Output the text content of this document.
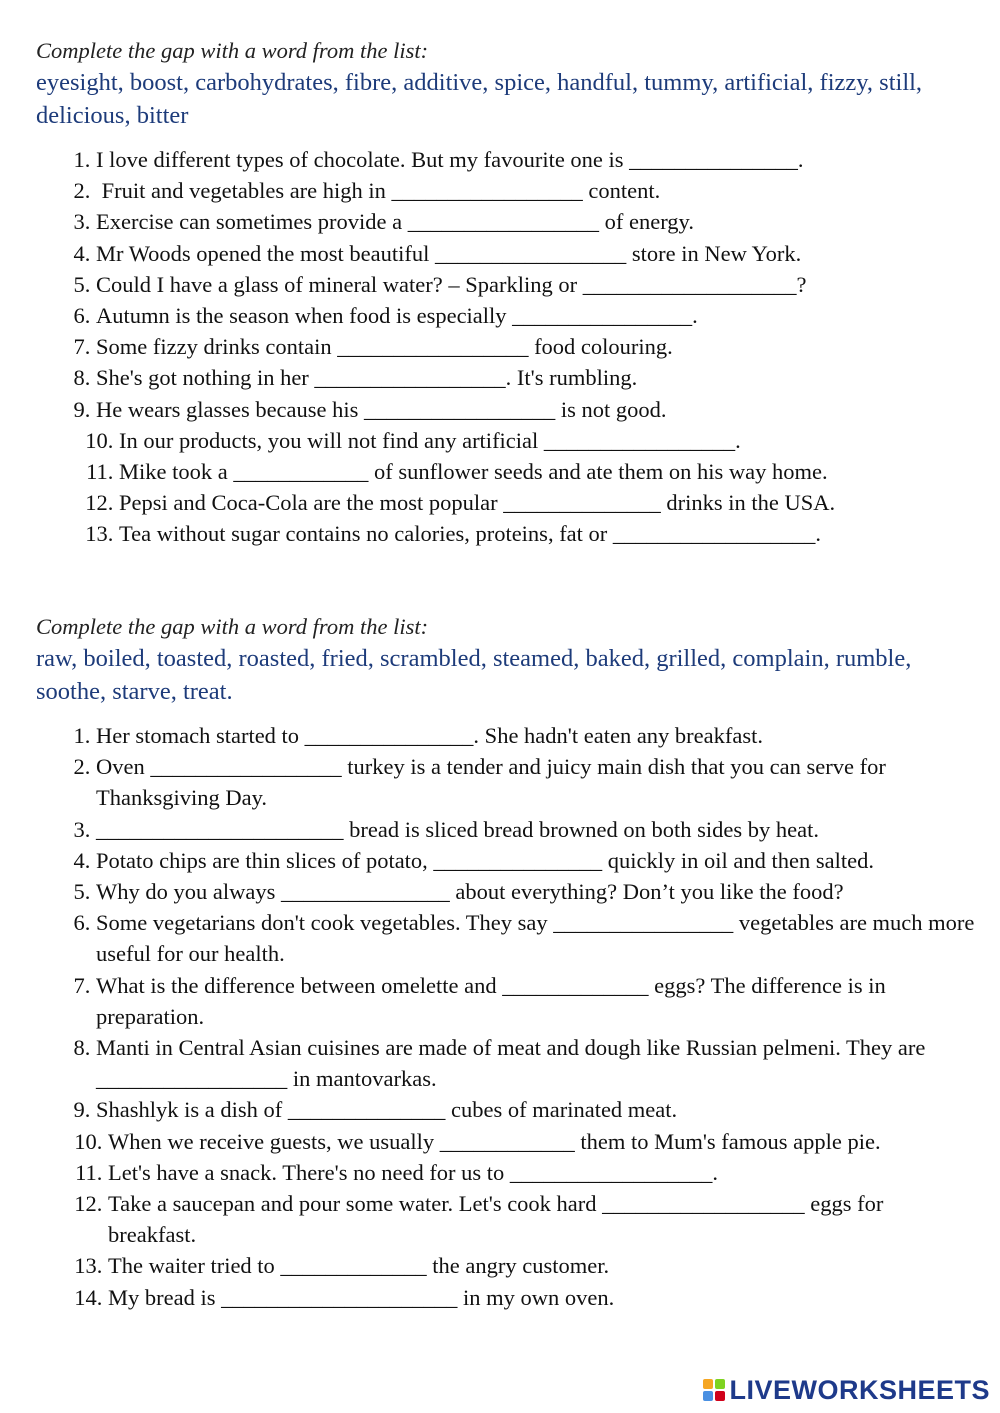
Complete the gap with a word from the list:
eyesight, boost, carbohydrates, fibre, additive, spice, handful, tummy, artificial, fizzy, still, delicious, bitter
1. I love different types of chocolate. But my favourite one is _______________.
2. Fruit and vegetables are high in _________________ content.
3. Exercise can sometimes provide a _________________ of energy.
4. Mr Woods opened the most beautiful _________________ store in New York.
5. Could I have a glass of mineral water? – Sparkling or ___________________?
6. Autumn is the season when food is especially ________________.
7. Some fizzy drinks contain _________________ food colouring.
8. She's got nothing in her _________________. It's rumbling.
9. He wears glasses because his _________________ is not good.
10. In our products, you will not find any artificial _________________.
11. Mike took a ____________ of sunflower seeds and ate them on his way home.
12. Pepsi and Coca-Cola are the most popular ______________ drinks in the USA.
13. Tea without sugar contains no calories, proteins, fat or __________________.
Complete the gap with a word from the list:
raw, boiled, toasted, roasted, fried, scrambled, steamed, baked, grilled, complain, rumble, soothe, starve, treat.
1. Her stomach started to _______________. She hadn't eaten any breakfast.
2. Oven _________________ turkey is a tender and juicy main dish that you can serve for Thanksgiving Day.
3. ______________________ bread is sliced bread browned on both sides by heat.
4. Potato chips are thin slices of potato, _______________ quickly in oil and then salted.
5. Why do you always _______________ about everything? Don’t you like the food?
6. Some vegetarians don't cook vegetables. They say ________________ vegetables are much more useful for our health.
7. What is the difference between omelette and _____________ eggs? The difference is in preparation.
8. Manti in Central Asian cuisines are made of meat and dough like Russian pelmeni. They are _________________ in mantovarkas.
9. Shashlyk is a dish of ______________ cubes of marinated meat.
10. When we receive guests, we usually ____________ them to Mum's famous apple pie.
11. Let's have a snack. There's no need for us to __________________.
12. Take a saucepan and pour some water. Let's cook hard __________________ eggs for breakfast.
13. The waiter tried to _____________ the angry customer.
14. My bread is _____________________ in my own oven.
LIVEWORKSHEETS
